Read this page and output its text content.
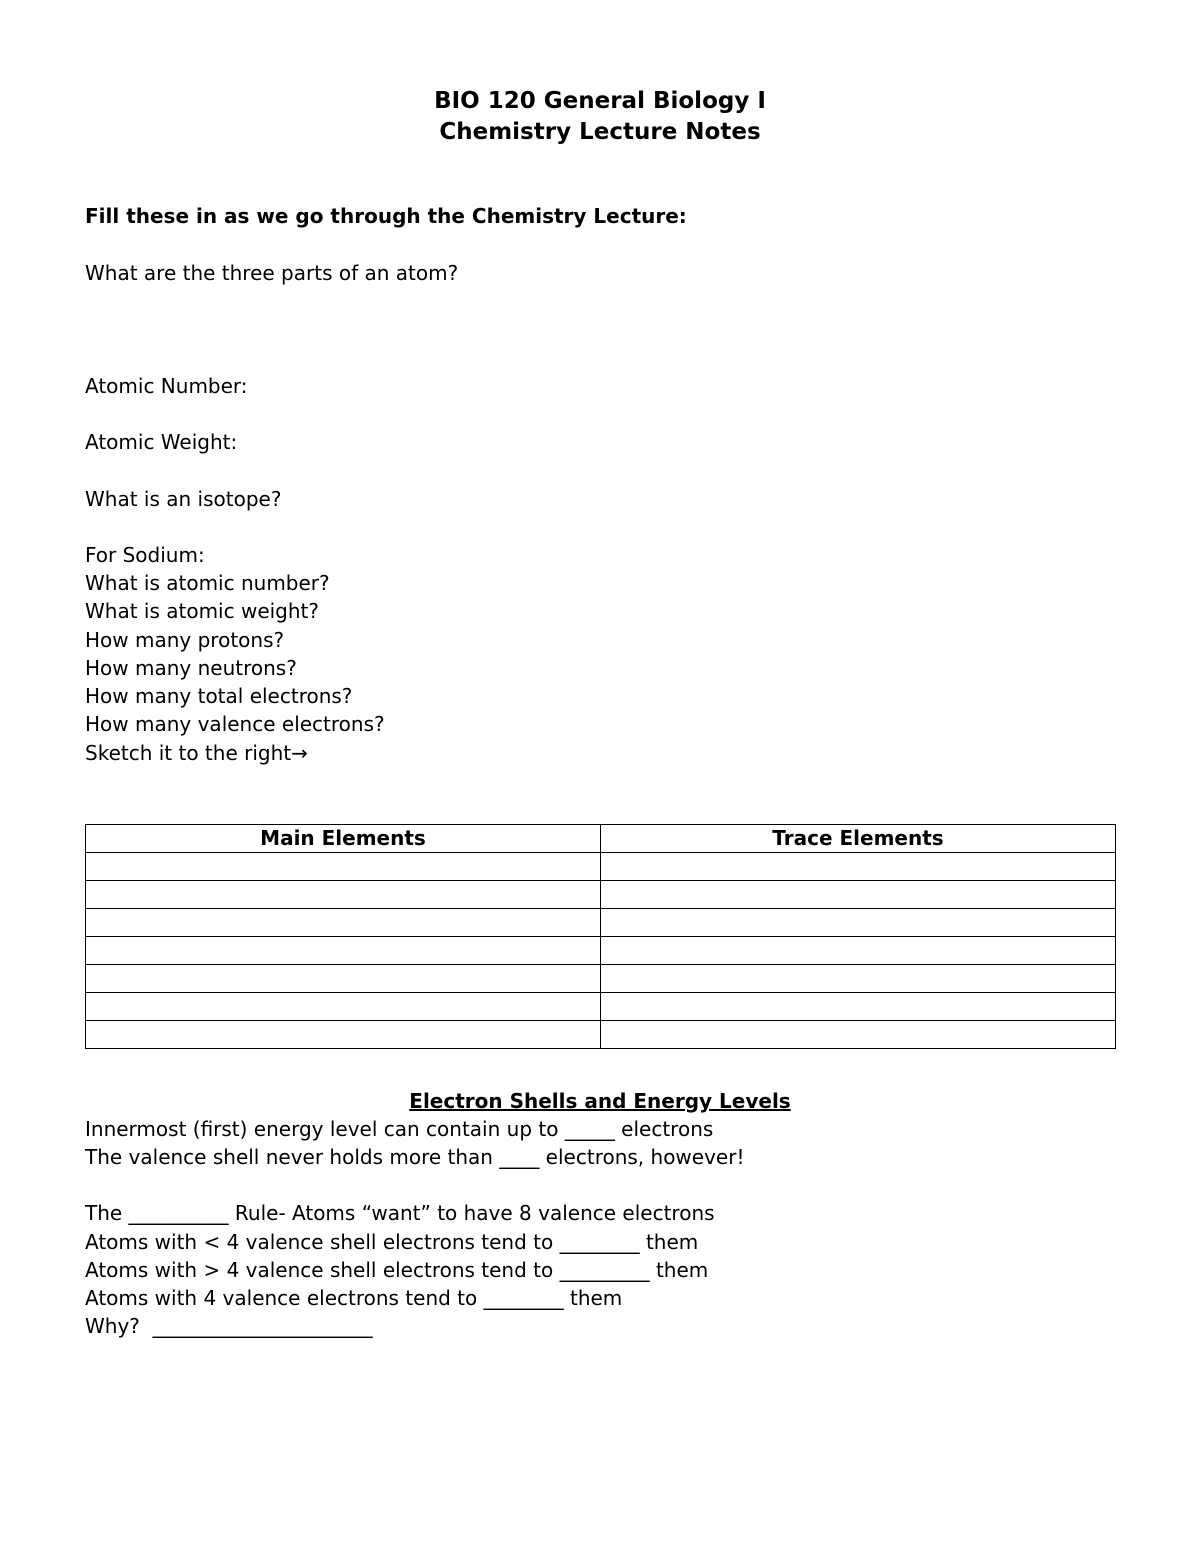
BIO 120 General Biology I
Chemistry Lecture Notes
Fill these in as we go through the Chemistry Lecture:
What are the three parts of an atom?
Atomic Number:
Atomic Weight:
What is an isotope?
For Sodium:
What is atomic number?
What is atomic weight?
How many protons?
How many neutrons?
How many total electrons?
How many valence electrons?
Sketch it to the right→
Main Elements	Trace Elements

Electron Shells and Energy Levels
Innermost (first) energy level can contain up to _____ electrons
The valence shell never holds more than ____ electrons, however!
The __________ Rule- Atoms “want” to have 8 valence electrons
Atoms with < 4 valence shell electrons tend to ________ them
Atoms with > 4 valence shell electrons tend to _________ them
Atoms with 4 valence electrons tend to ________ them
Why?  ______________________
